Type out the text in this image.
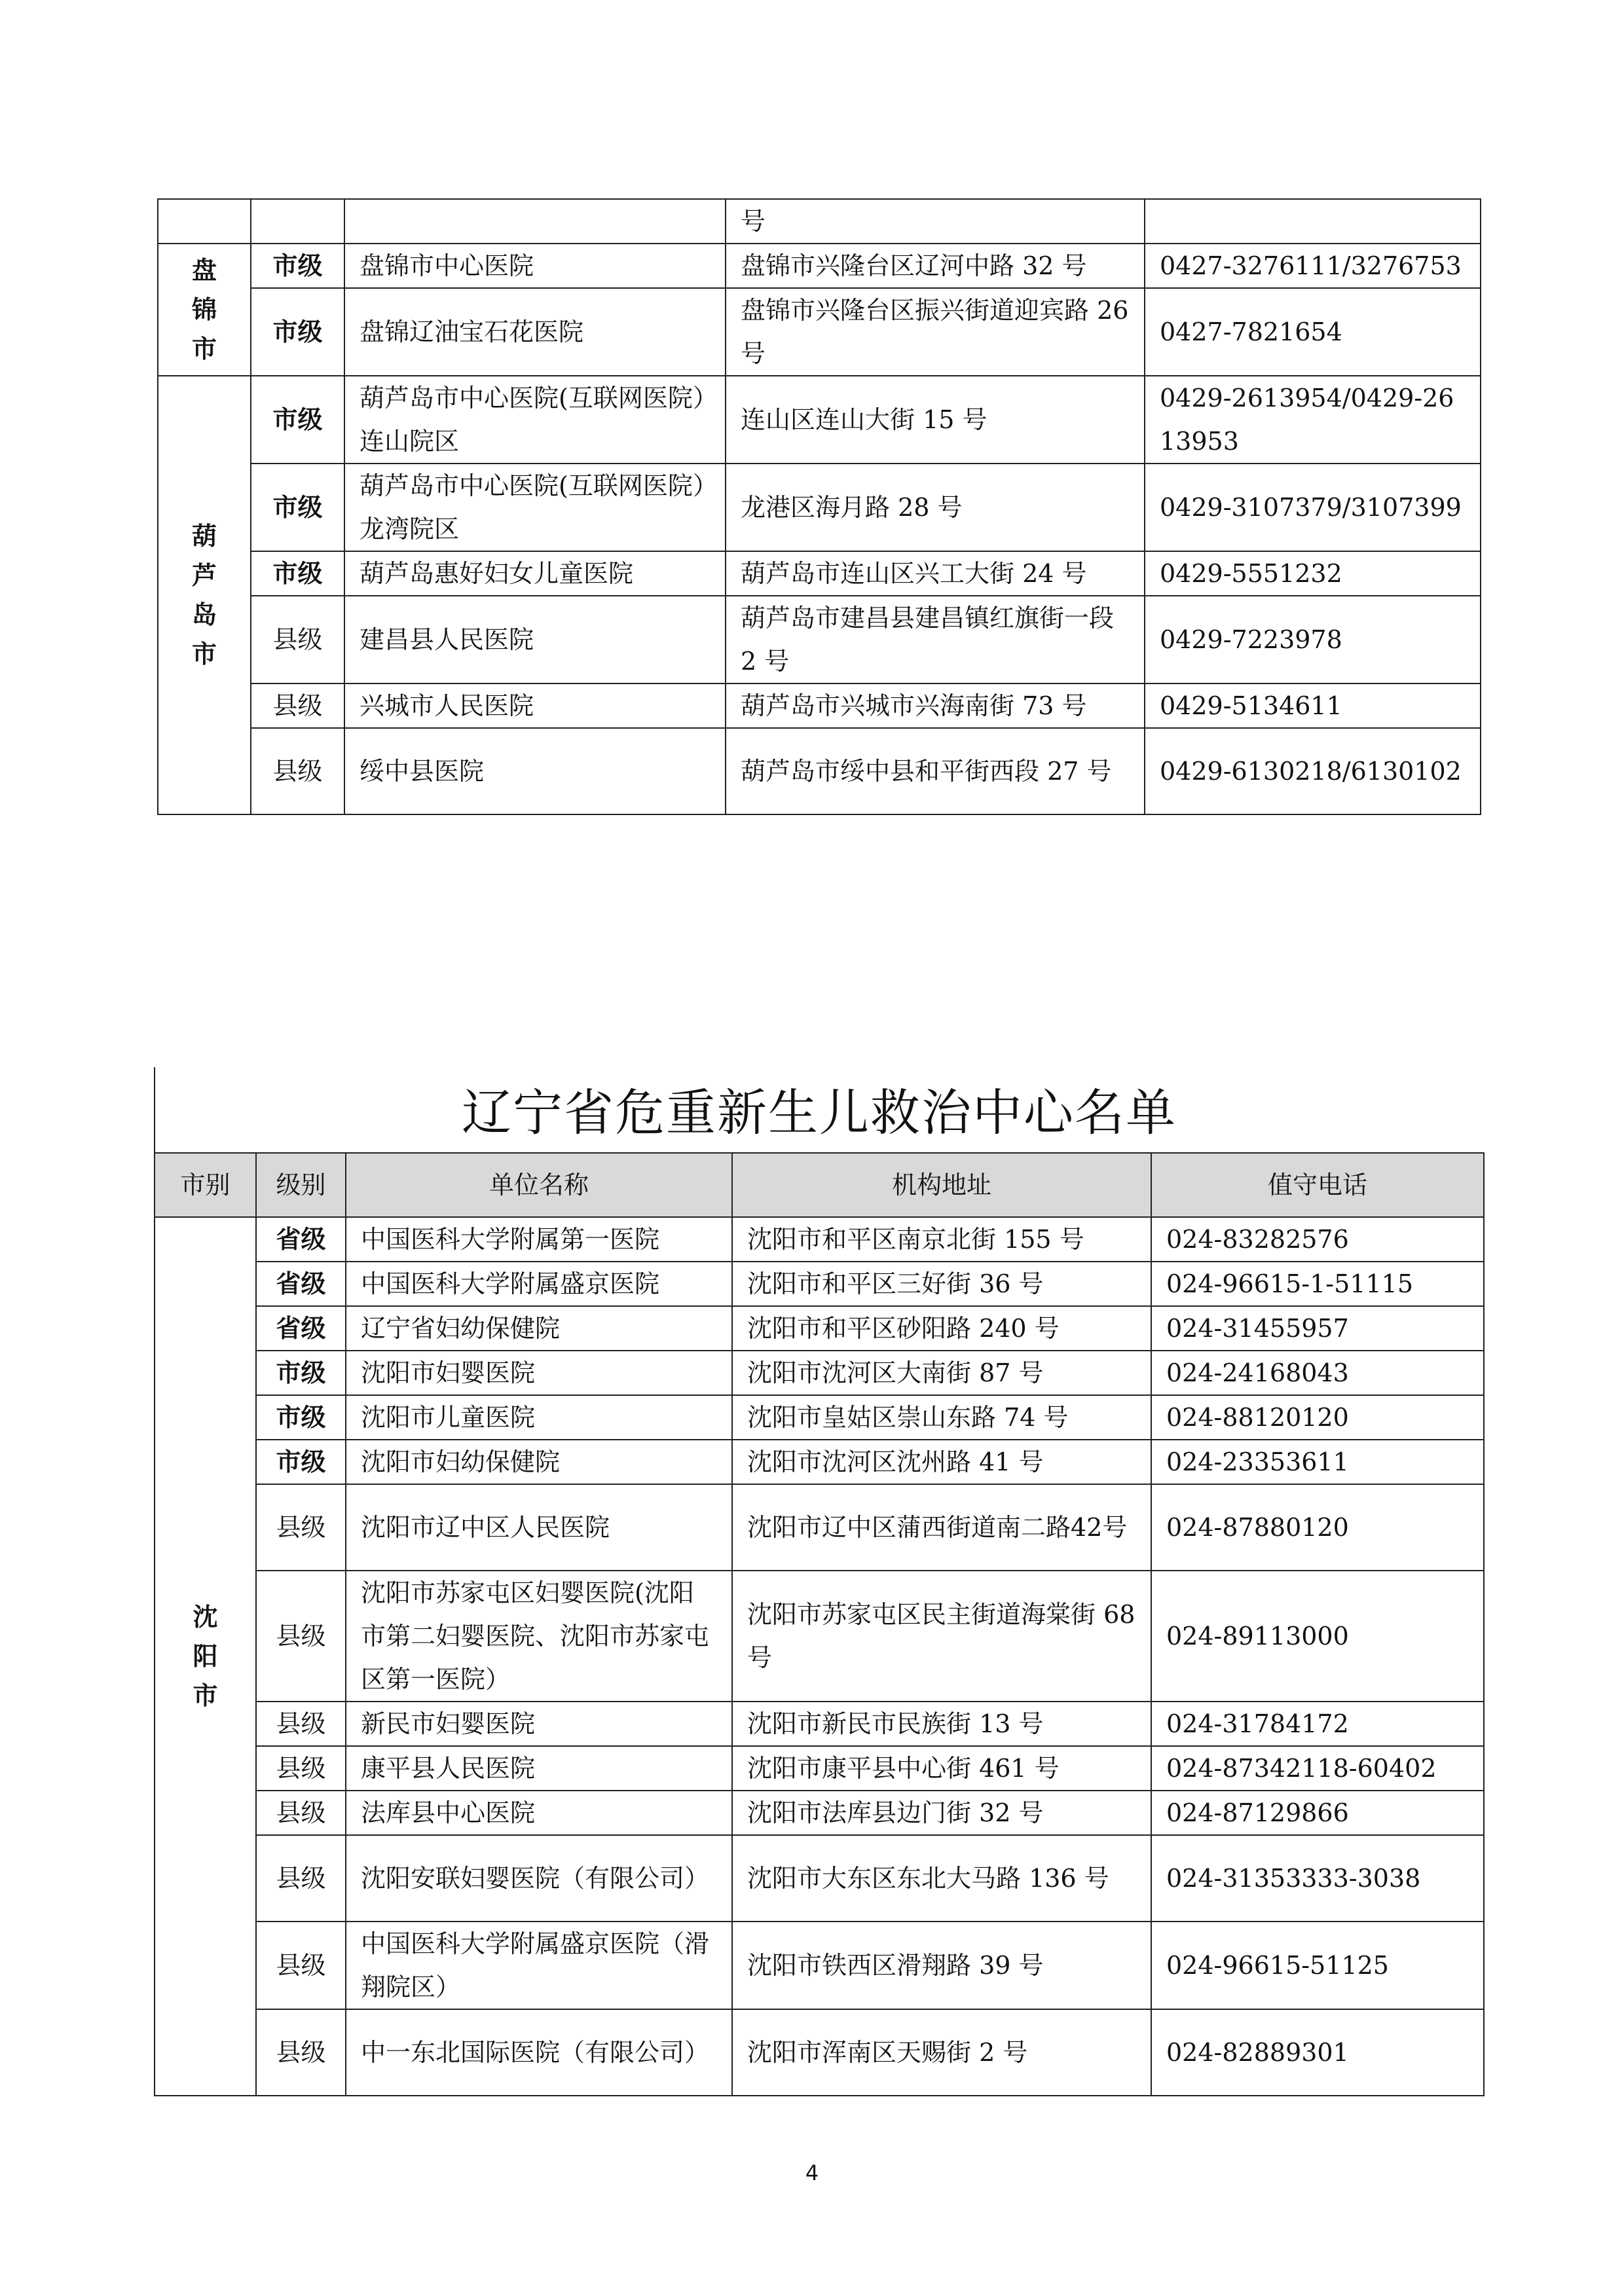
			号	

盘锦市	市级	盘锦市中心医院	盘锦市兴隆台区辽河中路 32 号	0427-3276111/3276753
	市级	盘锦辽油宝石花医院	盘锦市兴隆台区振兴街道迎宾路 26 号	0427-7821654

葫芦岛市	市级	葫芦岛市中心医院(互联网医院）连山院区	连山区连山大街 15 号	0429-2613954/0429-2613953
	市级	葫芦岛市中心医院(互联网医院）龙湾院区	龙港区海月路 28 号	0429-3107379/3107399
	市级	葫芦岛惠好妇女儿童医院	葫芦岛市连山区兴工大街 24 号	0429-5551232
	县级	建昌县人民医院	葫芦岛市建昌县建昌镇红旗街一段 2 号	0429-7223978
	县级	兴城市人民医院	葫芦岛市兴城市兴海南街 73 号	0429-5134611
	县级	绥中县医院	葫芦岛市绥中县和平街西段 27 号	0429-6130218/6130102
辽宁省危重新生儿救治中心名单
市别	级别	单位名称	机构地址	值守电话

沈阳市	省级	中国医科大学附属第一医院	沈阳市和平区南京北街 155 号	024-83282576
	省级	中国医科大学附属盛京医院	沈阳市和平区三好街 36 号	024-96615-1-51115
	省级	辽宁省妇幼保健院	沈阳市和平区砂阳路 240 号	024-31455957
	市级	沈阳市妇婴医院	沈阳市沈河区大南街 87 号	024-24168043
	市级	沈阳市儿童医院	沈阳市皇姑区崇山东路 74 号	024-88120120
	市级	沈阳市妇幼保健院	沈阳市沈河区沈州路 41 号	024-23353611
	县级	沈阳市辽中区人民医院	沈阳市辽中区蒲西街道南二路42号	024-87880120
	县级	沈阳市苏家屯区妇婴医院(沈阳市第二妇婴医院、沈阳市苏家屯区第一医院）	沈阳市苏家屯区民主街道海棠街 68 号	024-89113000
	县级	新民市妇婴医院	沈阳市新民市民族街 13 号	024-31784172
	县级	康平县人民医院	沈阳市康平县中心街 461 号	024-87342118-60402
	县级	法库县中心医院	沈阳市法库县边门街 32 号	024-87129866
	县级	沈阳安联妇婴医院（有限公司）	沈阳市大东区东北大马路 136 号	024-31353333-3038
	县级	中国医科大学附属盛京医院（滑翔院区）	沈阳市铁西区滑翔路 39 号	024-96615-51125
	县级	中一东北国际医院（有限公司）	沈阳市浑南区天赐街 2 号	024-82889301
4
